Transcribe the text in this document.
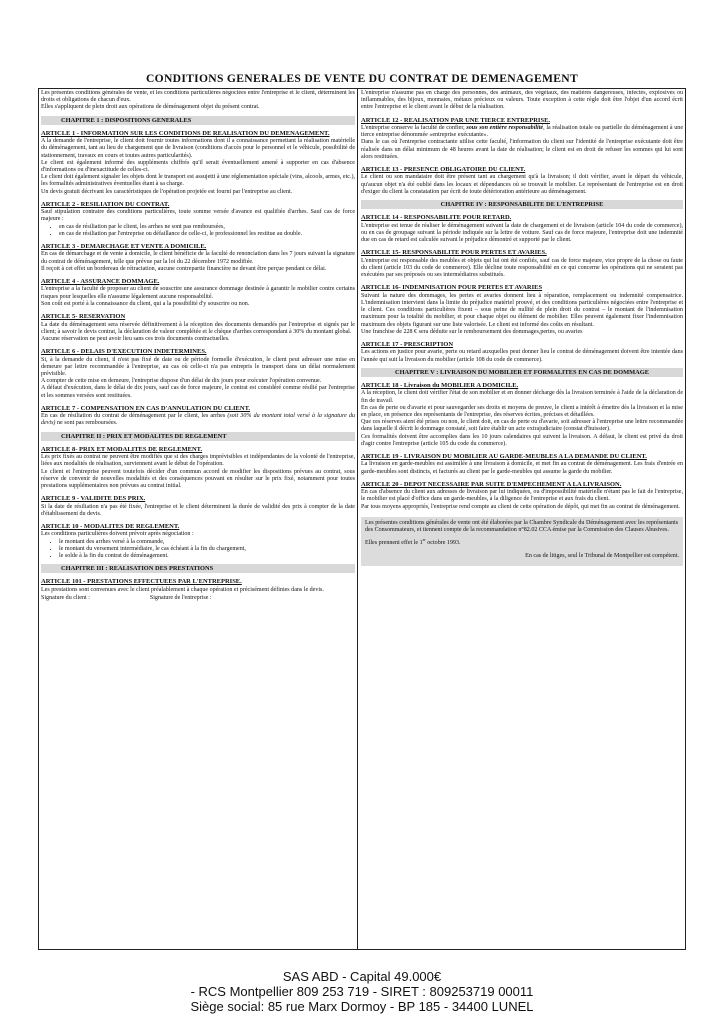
CONDITIONS GENERALES DE VENTE DU CONTRAT DE DEMENAGEMENT

Les présentes conditions générales de vente, et les conditions particulières négociées entre l'entreprise et le client, déterminent les droits et obligations de chacun d'eux.

Elles s'appliquent de plein droit aux opérations de déménagement objet du présent contrat.

CHAPITRE 1 : DISPOSITIONS GENERALES
ARTICLE 1 - INFORMATION SUR LES CONDITIONS DE REALISATION DU DEMENAGEMENT.

A la demande de l'entreprise, le client doit fournir toutes informations dont il a connaissance permettant la réalisation matérielle du déménagement, tant au lieu de chargement que de livraison (conditions d'accès pour le personnel et le véhicule, possibilité de stationnement, travaux en cours et toutes autres particularités).

Le client est également informé des suppléments chiffrés qu'il serait éventuellement amené à supporter en cas d'absence d'informations ou d'inexactitude de celles-ci.

Le client doit également signaler les objets dont le transport est assujetti à une réglementation spéciale (vins, alcools, armes, etc.), les formalités administratives éventuelles étant à sa charge.

Un devis gratuit décrivant les caractéristiques de l'opération projetée est fourni par l'entreprise au client.

ARTICLE 2 - RESILIATION DU CONTRAT.

Sauf stipulation contraire des conditions particulières, toute somme versée d'avance est qualifiée d'arrhes. Sauf cas de force majeure :

• en cas de résiliation par le client, les arrhes ne sont pas remboursées,
• en cas de résiliation par l'entreprise ou défaillance de celle-ci, le professionnel les restitue au double.
ARTICLE 3 - DEMARCHAGE ET VENTE A DOMICILE.

En cas de démarchage et de vente à domicile, le client bénéficie de la faculté de renonciation dans les 7 jours suivant la signature du contrat de déménagement, telle que prévue par la loi du 22 décembre 1972 modifiée.

Il reçoit à cet effet un bordereau de rétractation, aucune contrepartie financière ne devant être perçue pendant ce délai.

ARTICLE 4 - ASSURANCE DOMMAGE.

L'entreprise a la faculté de proposer au client de souscrire une assurance dommage destinée à garantir le mobilier contre certains risques pour lesquelles elle n'assume légalement aucune responsabilité.

Son coût est porté à la connaissance du client, qui a la possibilité d'y souscrire ou non.

ARTICLE 5- RESERVATION

La date du déménagement sera réservée définitivement à la réception des documents demandés par l'entreprise et signés par le client; à savoir le devis contrat, la déclaration de valeur complétée et le chèque d'arrhes correspondant à 30% du montant global.

Aucune réservation ne peut avoir lieu sans ces trois documents contractuelles.

ARTICLE 6 - DELAIS D'EXECUTION INDETERMINES.

Si, à la demande du client, il n'est pas fixé de date ou de période formelle d'exécution, le client peut adresser une mise en demeure par lettre recommandée à l'entreprise, au cas où celle-ci n'a pas entrepris le transport dans un délai normalement prévisible.

A compter de cette mise en demeure, l'entreprise dispose d'un délai de dix jours pour exécuter l'opération convenue.

A défaut d'exécution, dans le délai de dix jours, sauf cas de force majeure, le contrat est considéré comme résilié par l'entreprise et les sommes versées sont restituées.

ARTICLE 7 - COMPENSATION EN CAS D'ANNULATION DU CLIENT.

En cas de résiliation du contrat de déménagement par le client, les arrhes (soit 30% du montant total versé à la signature du devis) ne sont pas remboursées.

CHAPITRE II : PRIX ET MODALITES DE REGLEMENT
ARTICLE 8- PRIX ET MODALITES DE REGLEMENT.

Les prix fixés au contrat ne peuvent être modifiés que si des charges imprévisibles et indépendantes de la volonté de l'entreprise, liées aux modalités de réalisation, surviennent avant le début de l'opération.

Le client et l'entreprise peuvent toutefois décider d'un commun accord de modifier les dispositions prévues au contrat, sous réserve de convenir de nouvelles modalités et des conséquences pouvant en résulter sur le prix fixé, notamment pour toutes prestations supplémentaires non prévues au contrat initial.

ARTICLE 9 - VALIDITE DES PRIX.

Si la date de résiliation n'a pas été fixée, l'entreprise et le client déterminent la durée de validité des prix à compter de la date d'établissement du devis.

ARTICLE 10 - MODALITES DE REGLEMENT.

Les conditions particulières doivent prévoir après négociation :

• le montant des arrhes versé à la commande,
• le montant du versement intermédiaire, le cas échéant à la fin du chargement,
• le solde à la fin du contrat de déménagement.
CHAPITRE III : REALISATION DES PRESTATIONS
ARTICLE 101 - PRESTATIONS EFFECTUEES PAR L'ENTREPRISE.

Les prestations sont convenues avec le client préalablement à chaque opération et précisément définies dans le devis.

Signature du client :	Signature de l'entreprise :

L'entreprise n'assume pas en charge des personnes, des animaux, des végétaux, des matières dangereuses, infectés, explosives ou inflammables, des bijoux, monnaies, métaux précieux ou valeurs. Toute exception à cette règle doit être l'objet d'un accord écrit entre l'entreprise et le client avant le début de la réalisation.

ARTICLE 12 - REALISATION PAR UNE TIERCE ENTREPRISE.

L'entreprise conserve la faculté de confier, sous son entière responsabilité, la réalisation totale ou partielle du déménagement à une tierce entreprise dénommée «entreprise exécutante».

Dans le cas où l'entreprise contractante utilise cette faculté, l'information du client sur l'identité de l'entreprise exécutante doit être réalisée dans un délai minimum de 48 heures avant la date de réalisation; le client est en droit de refuser les sommes qui lui sont alors restituées.

ARTICLE 13 - PRESENCE OBLIGATOIRE DU CLIENT.

Le client ou son mandataire doit être présent tant au chargement qu'à la livraison; il doit vérifier, avant le départ du véhicule, qu'aucun objet n'a été oublié dans les locaux et dépendances où se trouvait le mobilier. Le représentant de l'entreprise est en droit d'exiger du client la constatation par écrit de toute détérioration antérieure au déménagement.

CHAPITRE IV : RESPONSABILITE DE L'ENTREPRISE
ARTICLE 14 - RESPONSABILITE POUR RETARD.

L'entreprise est tenue de réaliser le déménagement suivant la date de chargement et de livraison (article 104 du code de commerce), ou en cas de groupage suivant la période indiquée sur la lettre de voiture. Sauf cas de force majeure, l'entreprise doit une indemnité due en cas de retard est calculée suivant le préjudice démontré et supporté par le client.

ARTICLE 15- RESPONSABILITE POUR PERTES ET AVARIES.

L'entreprise est responsable des meubles et objets qui lui ont été confiés, sauf cas de force majeure, vice propre de la chose ou faute du client (article 103 du code de commerce). Elle décline toute responsabilité en ce qui concerne les opérations qui ne seraient pas exécutées par ses préposés ou ses intermédiaires substitués.

ARTICLE 16- INDEMNISATION POUR PERTES ET AVARIES

Suivant la nature des dommages, les pertes et avaries donnent lieu à réparation, remplacement ou indemnité compensatrice. L'indemnisation intervient dans la limite du préjudice matériel prouvé, et des conditions particulières négociées entre l'entreprise et le client. Ces conditions particulières fixent – sous peine de nullité de plein droit du contrat – le montant de l'indemnisation maximum pour la totalité du mobilier, et pour chaque objet ou élément de mobilier. Elles peuvent également fixer l'indemnisation maximum des objets figurant sur une liste valorisée. Le client est informé des coûts en résultant.

Une franchise de 228 € sera déduite sur le remboursement des dommages,pertes, ou avaries

ARTICLE 17 - PRESCRIPTION

Les actions en justice pour avarie, perte ou retard auxquelles peut donner lieu le contrat de déménagement doivent être intentée dans l'année qui suit la livraison du mobilier (article 108 du code de commerce).

CHAPITRE V : LIVRAISON DU MOBILIER ET FORMALITES EN CAS DE DOMMAGE
ARTICLE 18 - Livraison du MOBILIER A DOMICILE.

A la réception, le client doit vérifier l'état de son mobilier et en donner décharge dès la livraison terminée à l'aide de la déclaration de fin de travail.

En cas de perte ou d'avarie et pour sauvegarder ses droits et moyens de preuve, le client a intérêt à émettre dès la livraison et la mise en place, en présence des représentants de l'entreprise, des réserves écrites, précises et détaillées.

Que ces réserves aient été prises ou non, le client doit, en cas de perte ou d'avarie, soit adresser à l'entreprise une lettre recommandée dans laquelle il décrit le dommage constaté, soit faire établir un acte extrajudiciaire (constat d'huissier).

Ces formalités doivent être accomplies dans les 10 jours calendaires qui suivent la livraison. A défaut, le client est privé du droit d'agir contre l'entreprise (article 105 du code du commerce).

ARTICLE 19 - LIVRAISON DU MOBILIER AU GARDE-MEUBLES A LA DEMANDE DU CLIENT.

La livraison en garde-meubles est assimilée à une livraison à domicile, et met fin au contrat de déménagement. Les frais d'entrée en garde-meubles sont distincts, et facturés au client par le garde-meubles qui assume la garde du mobilier.

ARTICLE 20 - DEPOT NECESSAIRE PAR SUITE D'EMPECHEMENT A LA LIVRAISON.

En cas d'absence du client aux adresses de livraison par lui indiquées, ou d'impossibilité matérielle n'étant pas le fait de l'entreprise, le mobilier est placé d'office dans un garde-meubles, à la diligence de l'entreprise et aux frais du client.

Par tous moyens appropriés, l'entreprise rend compte au client de cette opération de dépôt, qui met fin au contrat de déménagement.

Les présentes conditions générales de vente ont été élaborées par la Chambre Syndicale du Déménagement avec les représentants des Consommateurs, et tiennent compte de la recommandation n°82.02 CCA émise par la Commission des Clauses Abusives.

Elles prennent effet le 1er octobre 1993.

En cas de litiges, seul le Tribunal de Montpellier est compétent.

SAS ABD - Capital 49.000€
- RCS Montpellier 809 253 719 - SIRET : 809253719 00011
Siège social: 85 rue Marx Dormoy - BP 185 - 34400 LUNEL
